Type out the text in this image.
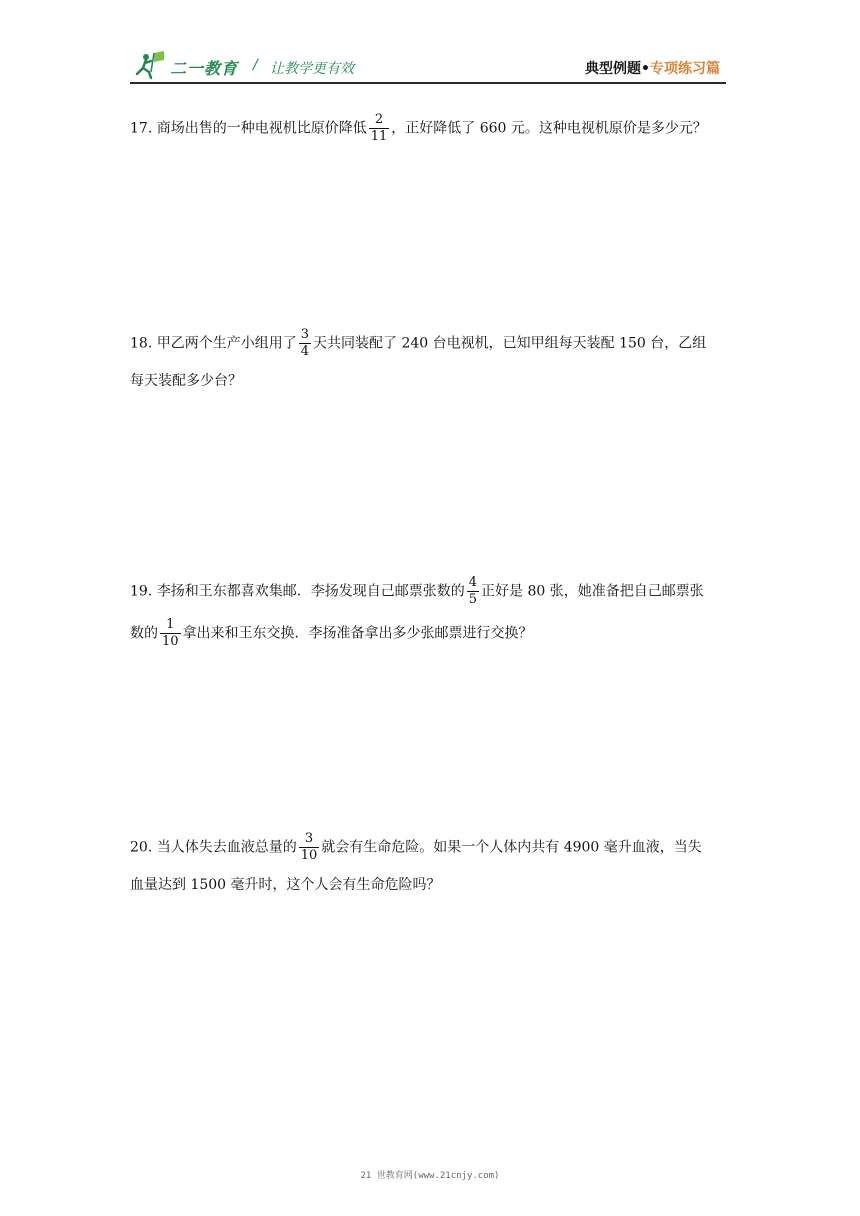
二一教育 / 让教学更有效	典型例题•专项练习篇
17. 商场出售的一种电视机比原价降低 $\frac{2}{11}$ ，正好降低了 660 元。这种电视机原价是多少元？
18. 甲乙两个生产小组用了 $\frac{3}{4}$ 天共同装配了 240 台电视机，已知甲组每天装配 150 台，乙组
每天装配多少台？
19. 李扬和王东都喜欢集邮．李扬发现自己邮票张数的 $\frac{4}{5}$ 正好是 80 张，她准备把自己邮票张
数的 $\frac{1}{10}$ 拿出来和王东交换．李扬准备拿出多少张邮票进行交换？
20. 当人体失去血液总量的 $\frac{3}{10}$ 就会有生命危险。如果一个人体内共有 4900 毫升血液，当失
血量达到 1500 毫升时，这个人会有生命危险吗？
21 世教育网(www.21cnjy.com)
